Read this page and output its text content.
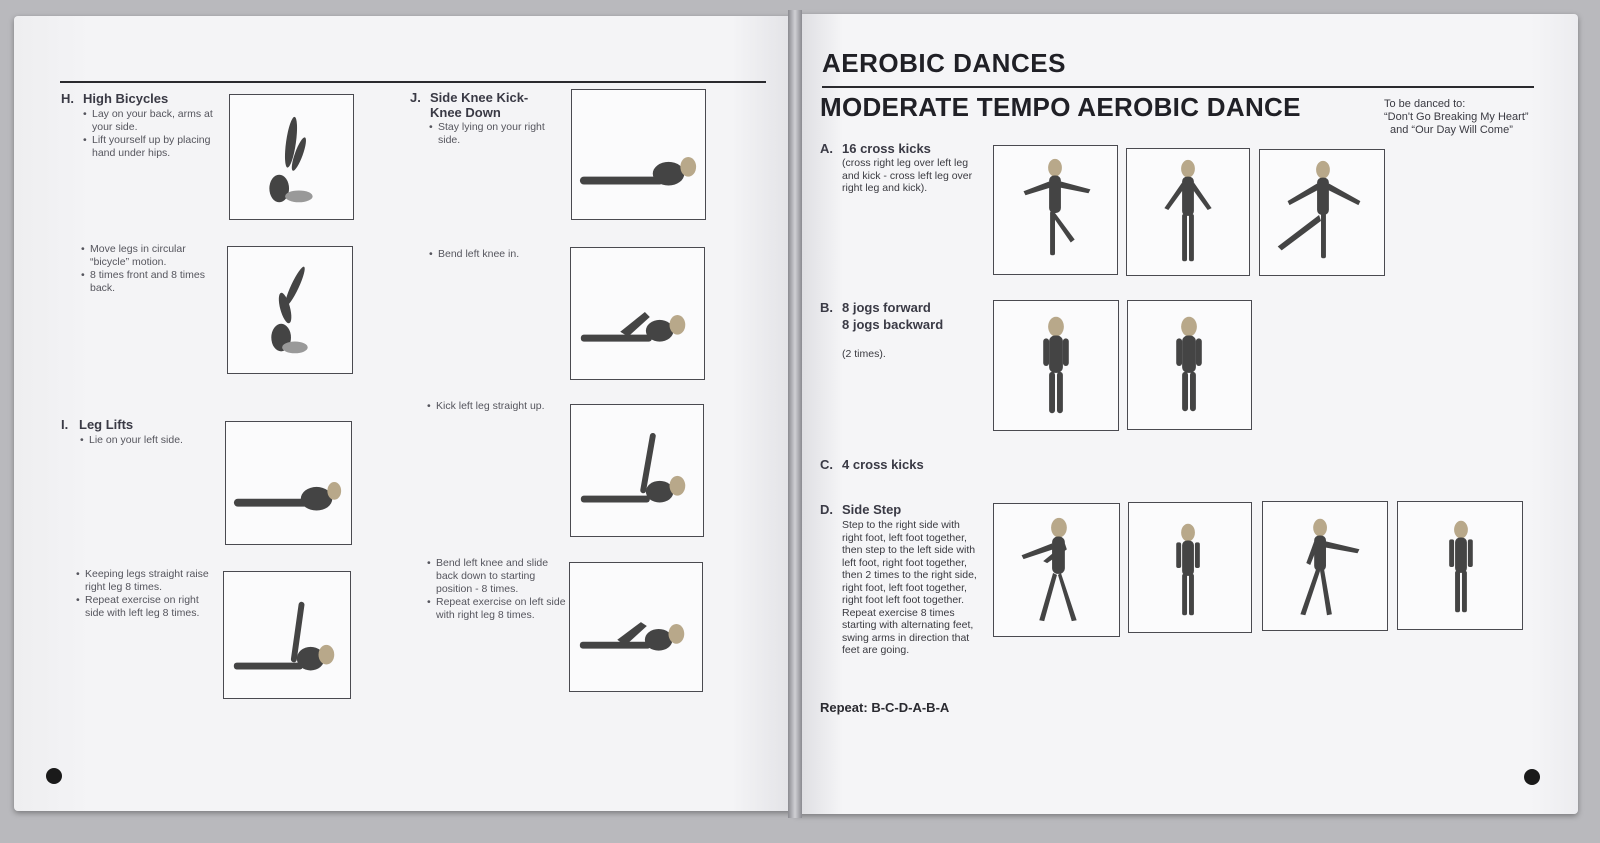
H. High Bicycles
• Lay on your back, arms at your side.
• Lift yourself up by placing hand under hips.
• Move legs in circular “bicycle” motion.
• 8 times front and 8 times back.
I. Leg Lifts
• Lie on your left side.
• Keeping legs straight raise right leg 8 times.
• Repeat exercise on right side with left leg 8 times.
J. Side Knee Kick-Knee Down
• Stay lying on your right side.
• Bend left knee in.
• Kick left leg straight up.
• Bend left knee and slide back down to starting position - 8 times.
• Repeat exercise on left side with right leg 8 times.
AEROBIC DANCES
MODERATE TEMPO AEROBIC DANCE	To be danced to:
“Don't Go Breaking My Heart”
and “Our Day Will Come”
A. 16 cross kicks
(cross right leg over left leg and kick - cross left leg over right leg and kick).
B. 8 jogs forward
8 jogs backward
(2 times).
C. 4 cross kicks
D. Side Step
Step to the right side with right foot, left foot together, then step to the left side with left foot, right foot together, then 2 times to the right side, right foot, left foot together, right foot left foot together. Repeat exercise 8 times starting with alternating feet, swing arms in direction that feet are going.
Repeat: B-C-D-A-B-A
